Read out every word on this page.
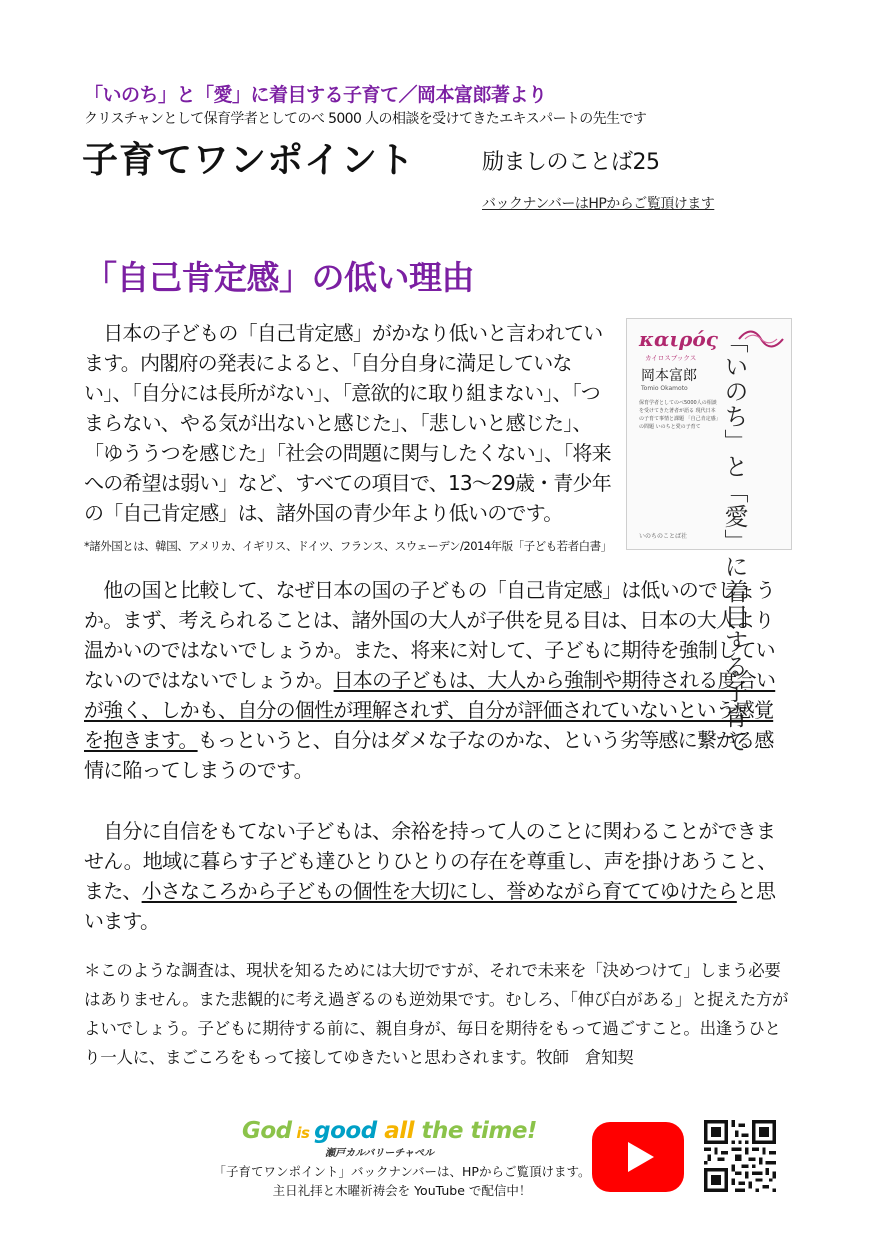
「いのち」と「愛」に着目する子育て／岡本富郎著より
クリスチャンとして保育学者としてのべ 5000 人の相談を受けてきたエキスパートの先生です
子育てワンポイント	励ましのことば25
バックナンバーはHPからご覧頂けます
「自己肯定感」の低い理由
　日本の子どもの「自己肯定感」がかなり低いと言われています。内閣府の発表によると、「自分自身に満足していない」、「自分には長所がない」、「意欲的に取り組まない」、「つまらない、やる気が出ないと感じた」、「悲しいと感じた」、「ゆううつを感じた」「社会の問題に関与したくない」、「将来への希望は弱い」など、すべての項目で、13～29歳・青少年の「自己肯定感」は、諸外国の青少年より低いのです。
*諸外国とは、韓国、アメリカ、イギリス、ドイツ、フランス、スウェーデン/2014年版「子ども若者白書」
καιρός
カイロスブックス
岡本富郎
Tomio Okamoto
保育学者としてのべ5000人の相談を受けてきた著者が語る 現代日本の子育て事情と課題 「自己肯定感」の問題 いのちと愛の子育て
いのちのことば社 「いのち」と「愛」に着目する子育て
　他の国と比較して、なぜ日本の国の子どもの「自己肯定感」は低いのでしょうか。まず、考えられることは、諸外国の大人が子供を見る目は、日本の大人より温かいのではないでしょうか。また、将来に対して、子どもに期待を強制していないのではないでしょうか。日本の子どもは、大人から強制や期待される度合いが強く、しかも、自分の個性が理解されず、自分が評価されていないという感覚を抱きます。もっというと、自分はダメな子なのかな、という劣等感に繋がる感情に陥ってしまうのです。
　自分に自信をもてない子どもは、余裕を持って人のことに関わることができません。地域に暮らす子ども達ひとりひとりの存在を尊重し、声を掛けあうこと、また、小さなころから子どもの個性を大切にし、誉めながら育ててゆけたらと思います。
＊このような調査は、現状を知るためには大切ですが、それで未来を「決めつけて」しまう必要はありません。また悲観的に考え過ぎるのも逆効果です。むしろ、「伸び白がある」と捉えた方がよいでしょう。子どもに期待する前に、親自身が、毎日を期待をもって過ごすこと。出逢うひとり一人に、まごころをもって接してゆきたいと思わされます。牧師　倉知契
God is good all the time!
瀬戸カルバリーチャペル
「子育てワンポイント」バックナンバーは、HPからご覧頂けます。
主日礼拝と木曜祈祷会を YouTube で配信中！
